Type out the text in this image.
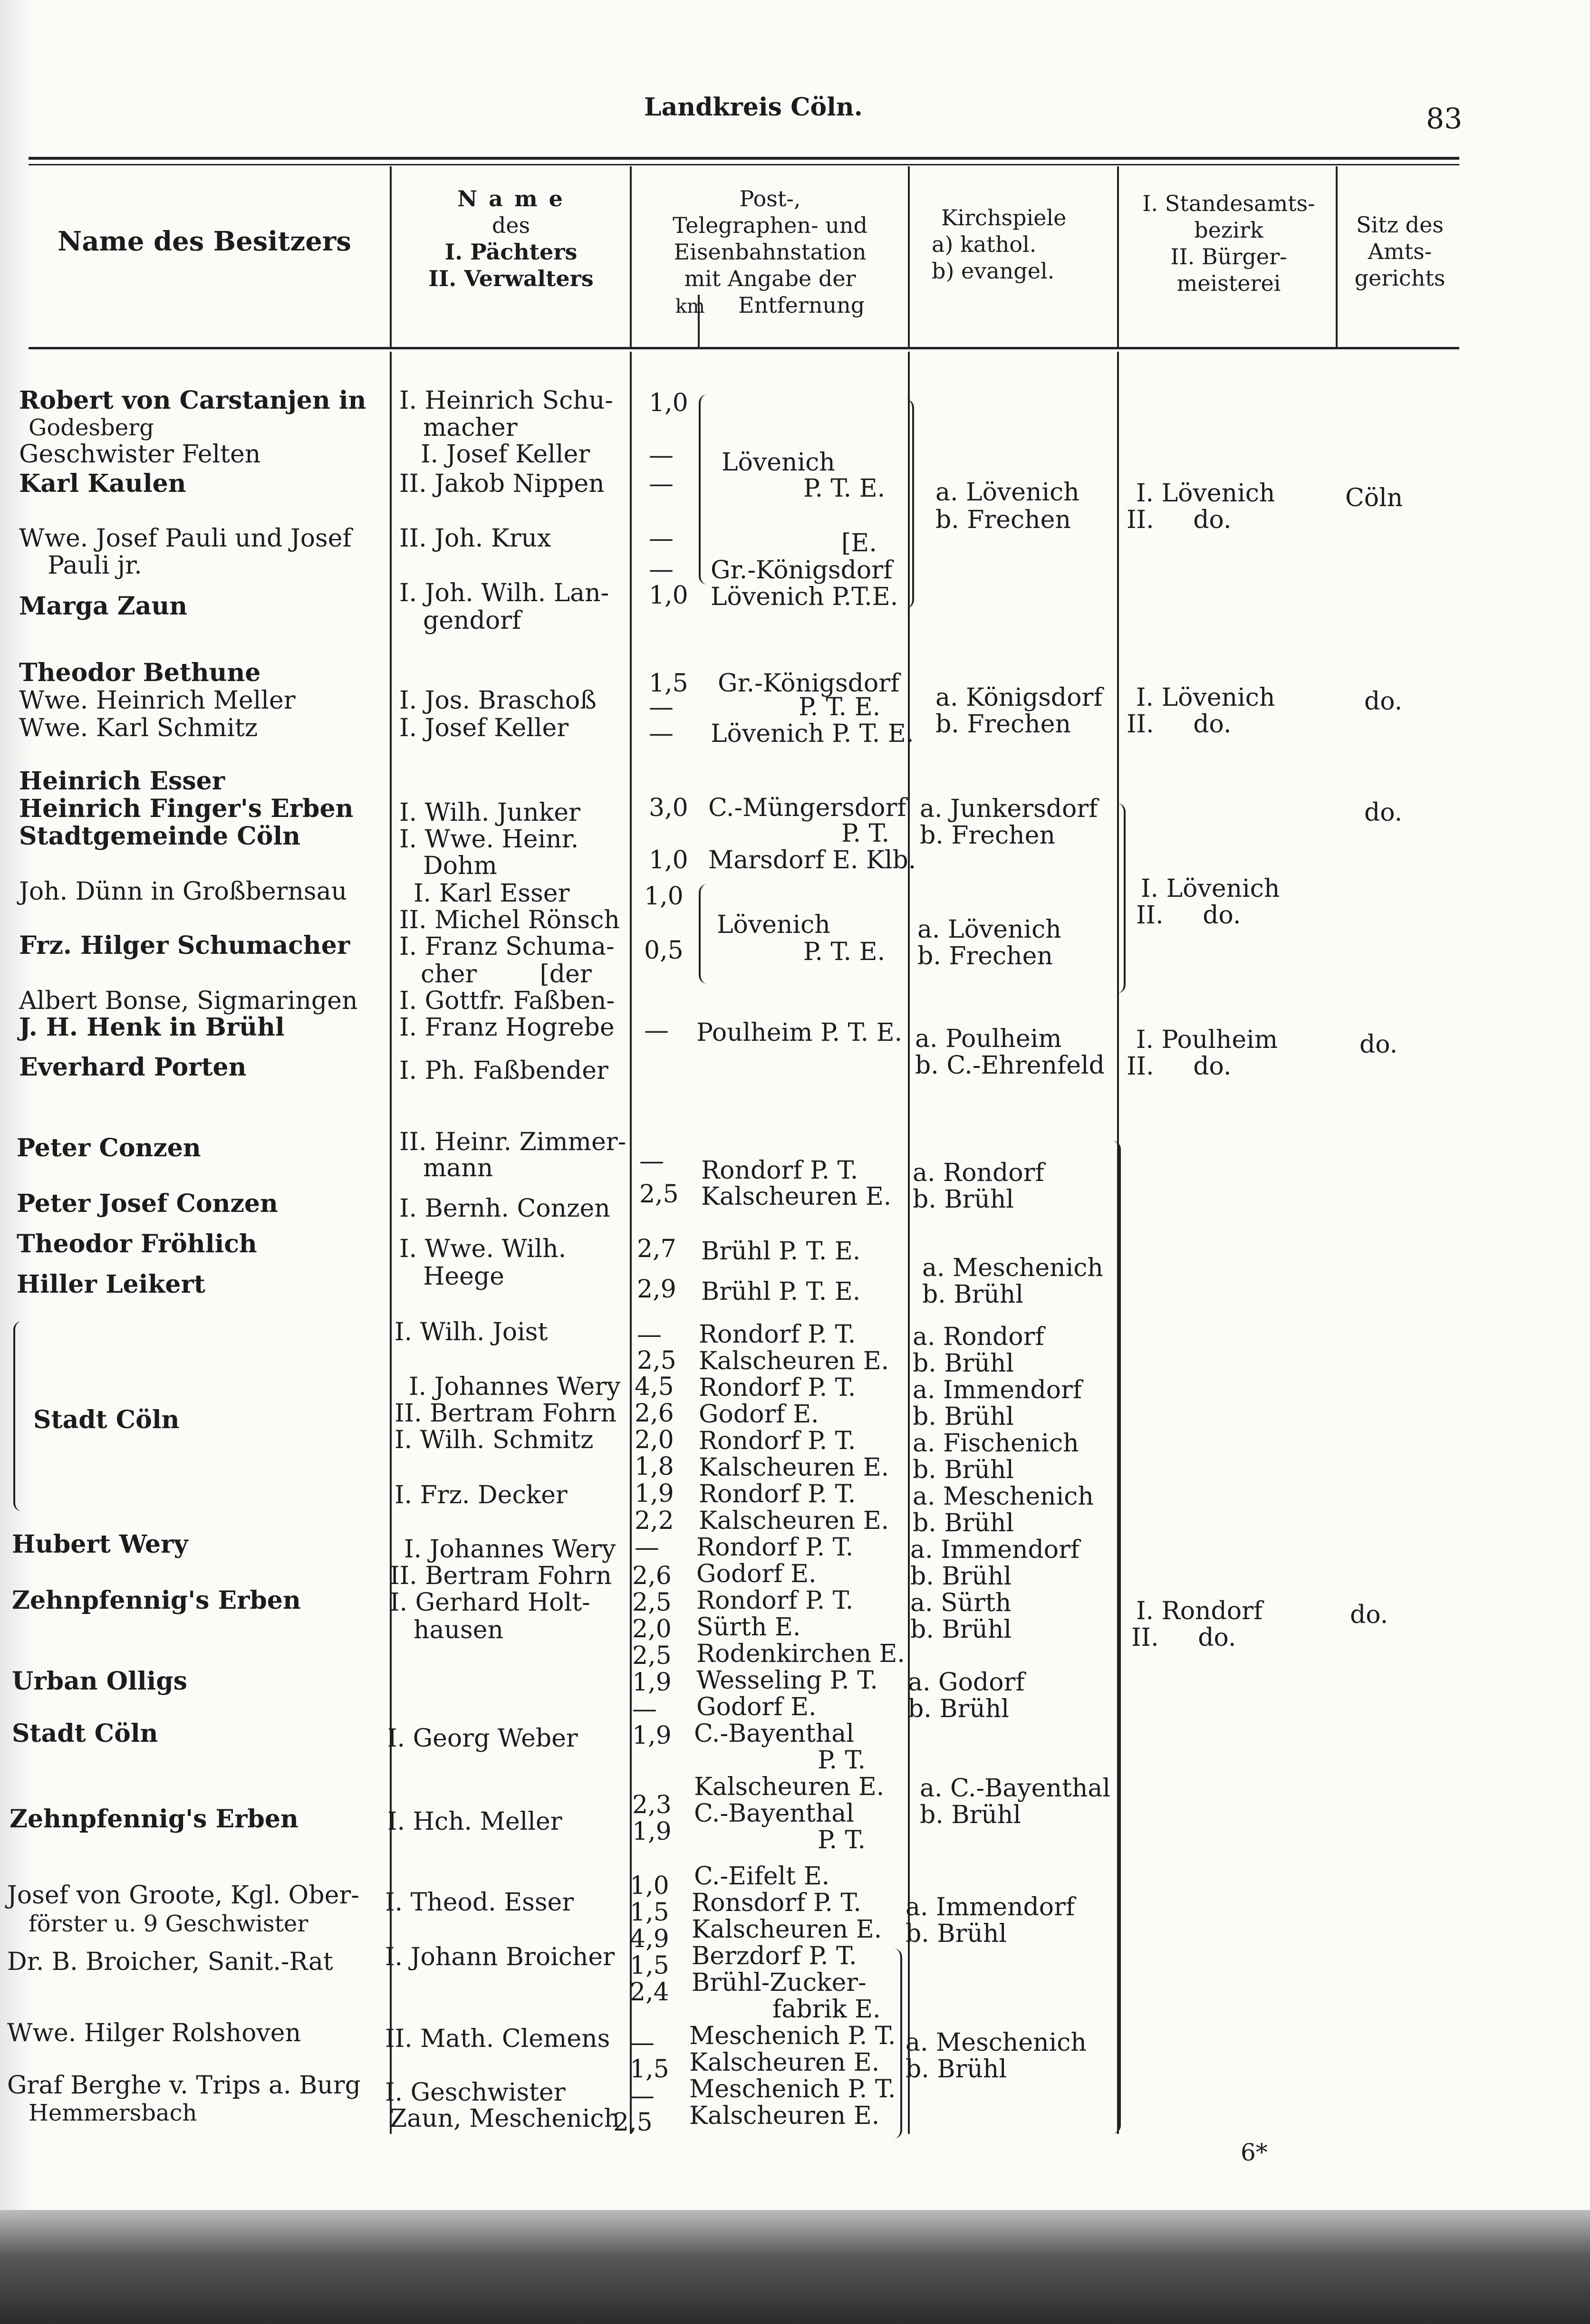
Landkreis Cöln.	83
Name des Besitzers
N a m e
des
I. Pächters
II. Verwalters
Post-,
Telegraphen- und
Eisenbahnstation
mit Angabe der
km Entfernung
Kirchspiele
a) kathol.
b) evangel.
I. Standesamts-
bezirk
II. Bürger-
meisterei
Sitz des
Amts-
gerichts
Robert von Carstanjen in
Godesberg
Geschwister Felten
Karl Kaulen
Wwe. Josef Pauli und Josef
Pauli jr.
Marga Zaun
Theodor Bethune
Wwe. Heinrich Meller
Wwe. Karl Schmitz
Heinrich Esser
Heinrich Finger's Erben
Stadtgemeinde Cöln
Joh. Dünn in Großbernsau
Frz. Hilger Schumacher
Albert Bonse, Sigmaringen
J. H. Henk in Brühl
Everhard Porten
Peter Conzen
Peter Josef Conzen
Theodor Fröhlich
Hiller Leikert
Stadt Cöln
Hubert Wery
Zehnpfennig's Erben
Urban Olligs
Stadt Cöln
Zehnpfennig's Erben
Josef von Groote, Kgl. Ober-
förster u. 9 Geschwister
Dr. B. Broicher, Sanit.-Rat
Wwe. Hilger Rolshoven
Graf Berghe v. Trips a. Burg
Hemmersbach
I. Heinrich Schu-
macher
I. Josef Keller
II. Jakob Nippen
II. Joh. Krux
I. Joh. Wilh. Lan-
gendorf
I. Jos. Braschoß
I. Josef Keller
I. Wilh. Junker
I. Wwe. Heinr.
Dohm
I. Karl Esser
II. Michel Rönsch
I. Franz Schuma-
cher        [der
I. Gottfr. Faßben-
I. Franz Hogrebe
I. Ph. Faßbender
II. Heinr. Zimmer-
mann
I. Bernh. Conzen
I. Wwe. Wilh.
Heege
I. Wilh. Joist
I. Johannes Wery
II. Bertram Fohrn
I. Wilh. Schmitz
I. Frz. Decker
I. Johannes Wery
II. Bertram Fohrn
I. Gerhard Holt-
hausen
I. Georg Weber
I. Hch. Meller
I. Theod. Esser
I. Johann Broicher
II. Math. Clemens
I. Geschwister
Zaun, Meschenich
1,0
—
—
—
—
1,0
1,5
—
—
3,0
1,0
1,0
0,5
—
—
2,5
2,7
2,9
—
2,5
4,5
2,6
2,0
1,8
1,9
2,2
—
2,6
2,5
2,0
2,5
1,9
—
1,9
2,3
1,9
1,0
1,5
4,9
1,5
2,4
—
1,5
—
2,5
Lövenich
P. T. E.
[E.
Gr.-Königsdorf
Lövenich P.T.E.
Gr.-Königsdorf
P. T. E.
Lövenich P. T. E.
C.-Müngersdorf
P. T.
Marsdorf E. Klb.
Lövenich
P. T. E.
Poulheim P. T. E.
Rondorf P. T.
Kalscheuren E.
Brühl P. T. E.
Brühl P. T. E.
Rondorf P. T.
Kalscheuren E.
Rondorf P. T.
Godorf E.
Rondorf P. T.
Kalscheuren E.
Rondorf P. T.
Kalscheuren E.
Rondorf P. T.
Godorf E.
Rondorf P. T.
Sürth E.
Rodenkirchen E.
Wesseling P. T.
Godorf E.
C.-Bayenthal
P. T.
Kalscheuren E.
C.-Bayenthal
P. T.
C.-Eifelt E.
Ronsdorf P. T.
Kalscheuren E.
Berzdorf P. T.
Brühl-Zucker-
fabrik E.
Meschenich P. T.
Kalscheuren E.
Meschenich P. T.
Kalscheuren E.
a. Lövenich
b. Frechen
a. Königsdorf
b. Frechen
a. Junkersdorf
b. Frechen
a. Lövenich
b. Frechen
a. Poulheim
b. C.-Ehrenfeld
a. Rondorf
b. Brühl
a. Meschenich
b. Brühl
a. Rondorf
b. Brühl
a. Immendorf
b. Brühl
a. Fischenich
b. Brühl
a. Meschenich
b. Brühl
a. Immendorf
b. Brühl
a. Sürth
b. Brühl
a. Godorf
b. Brühl
a. C.-Bayenthal
b. Brühl
a. Immendorf
b. Brühl
a. Meschenich
b. Brühl
I. Lövenich
II.     do.
I. Lövenich
II.     do.
I. Lövenich
II.     do.
I. Poulheim
II.     do.
I. Rondorf
II.     do.
Cöln
do.
do.
do.
do.
6*
